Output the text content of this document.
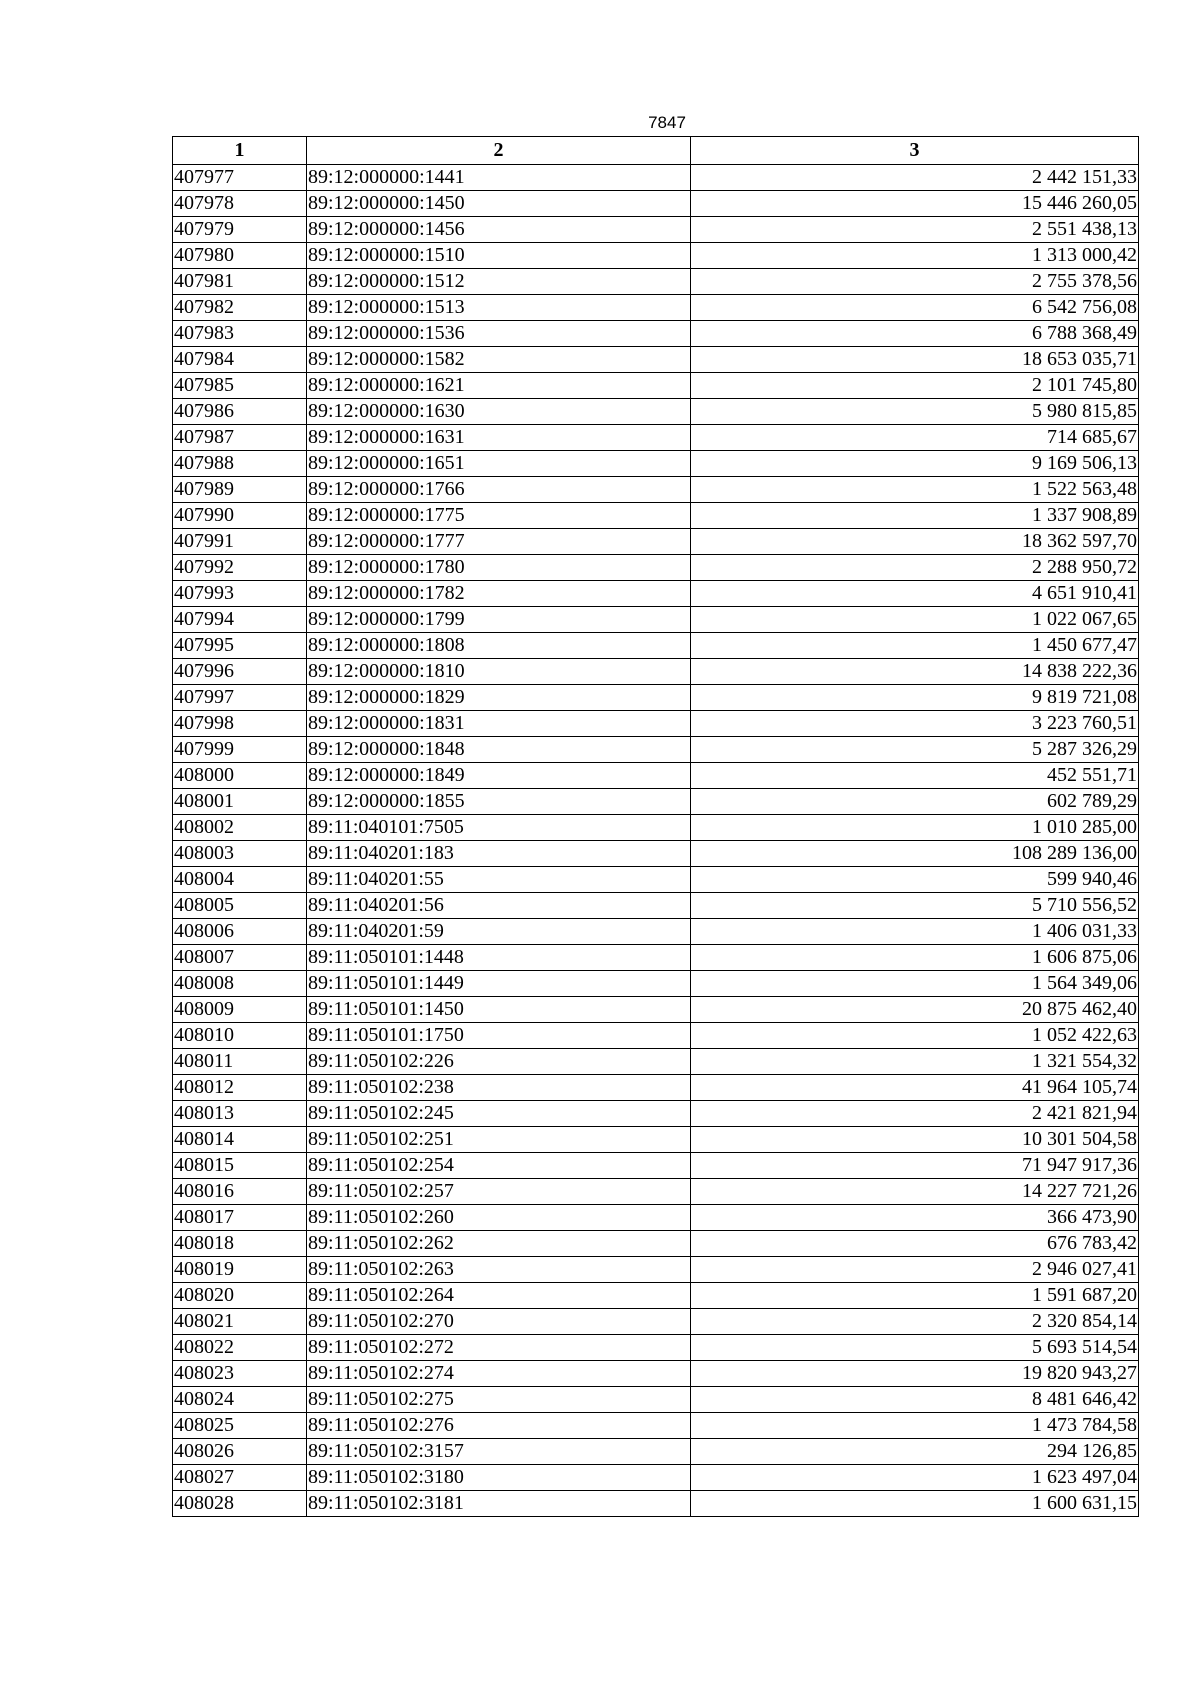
7847
1	2	3
407977	89:12:000000:1441	2 442 151,33
407978	89:12:000000:1450	15 446 260,05
407979	89:12:000000:1456	2 551 438,13
407980	89:12:000000:1510	1 313 000,42
407981	89:12:000000:1512	2 755 378,56
407982	89:12:000000:1513	6 542 756,08
407983	89:12:000000:1536	6 788 368,49
407984	89:12:000000:1582	18 653 035,71
407985	89:12:000000:1621	2 101 745,80
407986	89:12:000000:1630	5 980 815,85
407987	89:12:000000:1631	714 685,67
407988	89:12:000000:1651	9 169 506,13
407989	89:12:000000:1766	1 522 563,48
407990	89:12:000000:1775	1 337 908,89
407991	89:12:000000:1777	18 362 597,70
407992	89:12:000000:1780	2 288 950,72
407993	89:12:000000:1782	4 651 910,41
407994	89:12:000000:1799	1 022 067,65
407995	89:12:000000:1808	1 450 677,47
407996	89:12:000000:1810	14 838 222,36
407997	89:12:000000:1829	9 819 721,08
407998	89:12:000000:1831	3 223 760,51
407999	89:12:000000:1848	5 287 326,29
408000	89:12:000000:1849	452 551,71
408001	89:12:000000:1855	602 789,29
408002	89:11:040101:7505	1 010 285,00
408003	89:11:040201:183	108 289 136,00
408004	89:11:040201:55	599 940,46
408005	89:11:040201:56	5 710 556,52
408006	89:11:040201:59	1 406 031,33
408007	89:11:050101:1448	1 606 875,06
408008	89:11:050101:1449	1 564 349,06
408009	89:11:050101:1450	20 875 462,40
408010	89:11:050101:1750	1 052 422,63
408011	89:11:050102:226	1 321 554,32
408012	89:11:050102:238	41 964 105,74
408013	89:11:050102:245	2 421 821,94
408014	89:11:050102:251	10 301 504,58
408015	89:11:050102:254	71 947 917,36
408016	89:11:050102:257	14 227 721,26
408017	89:11:050102:260	366 473,90
408018	89:11:050102:262	676 783,42
408019	89:11:050102:263	2 946 027,41
408020	89:11:050102:264	1 591 687,20
408021	89:11:050102:270	2 320 854,14
408022	89:11:050102:272	5 693 514,54
408023	89:11:050102:274	19 820 943,27
408024	89:11:050102:275	8 481 646,42
408025	89:11:050102:276	1 473 784,58
408026	89:11:050102:3157	294 126,85
408027	89:11:050102:3180	1 623 497,04
408028	89:11:050102:3181	1 600 631,15
